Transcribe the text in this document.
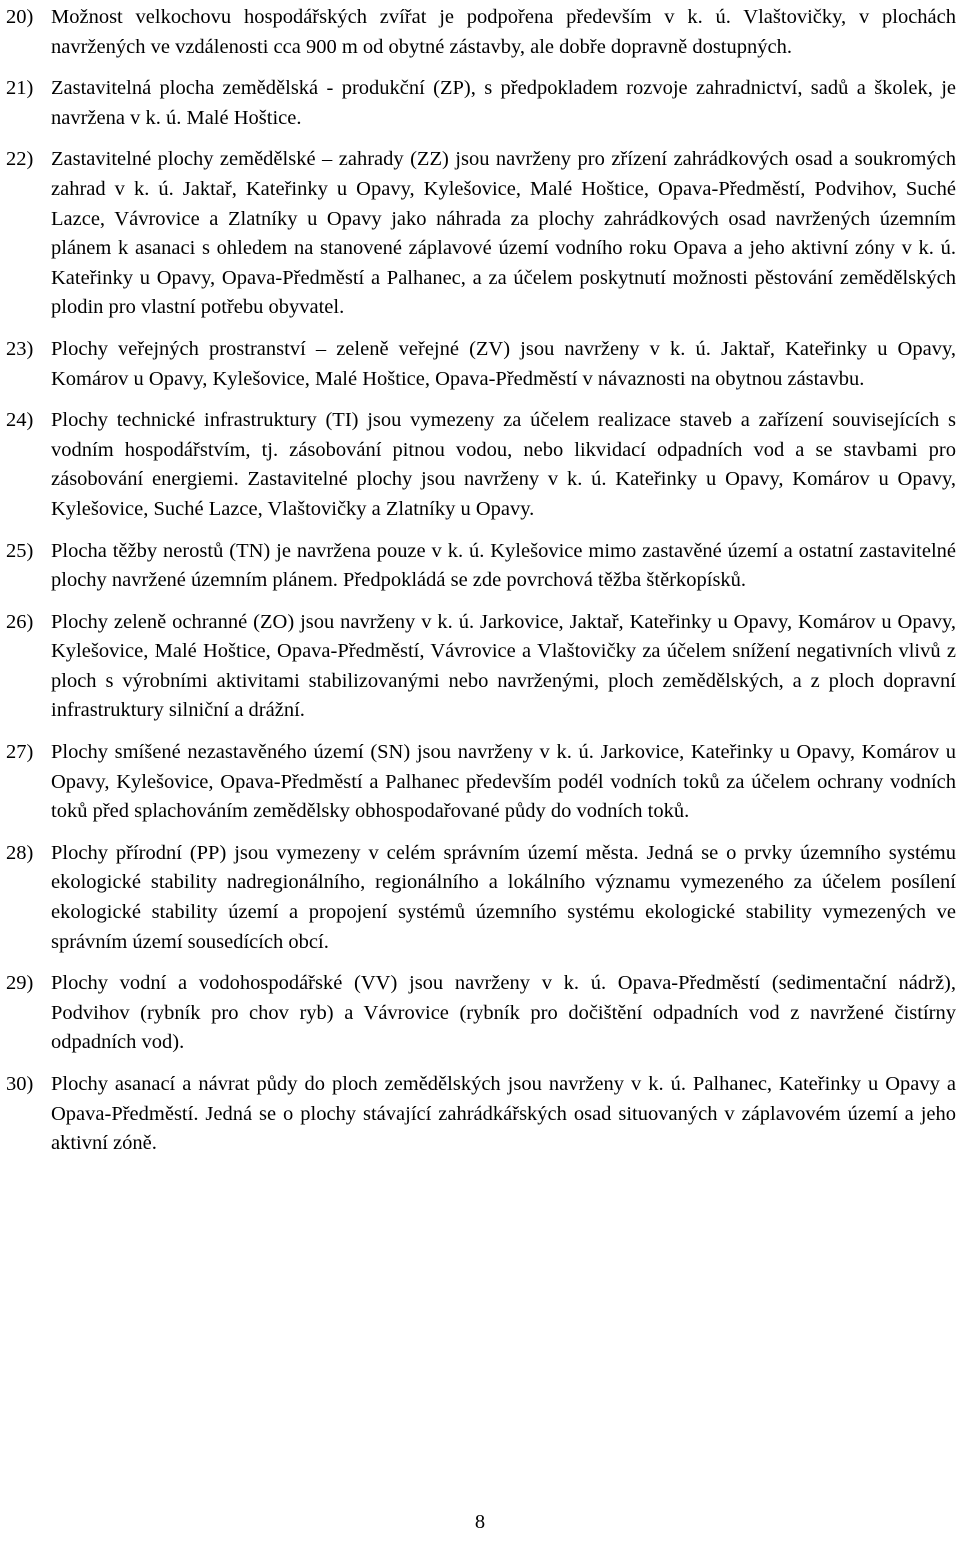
20) Možnost velkochovu hospodářských zvířat je podpořena především v k. ú. Vlaštovičky, v plochách navržených ve vzdálenosti cca 900 m od obytné zástavby, ale dobře dopravně dostupných.
21) Zastavitelná plocha zemědělská - produkční (ZP), s předpokladem rozvoje zahradnictví, sadů a školek, je navržena v k. ú. Malé Hoštice.
22) Zastavitelné plochy zemědělské – zahrady (ZZ) jsou navrženy pro zřízení zahrádkových osad a soukromých zahrad v k. ú. Jaktař, Kateřinky u Opavy, Kylešovice, Malé Hoštice, Opava-Předměstí, Podvihov, Suché Lazce, Vávrovice a Zlatníky u Opavy jako náhrada za plochy zahrádkových osad navržených územním plánem k asanaci s ohledem na stanovené záplavové území vodního roku Opava a jeho aktivní zóny v k. ú. Kateřinky u Opavy, Opava-Předměstí a Palhanec, a za účelem poskytnutí možnosti pěstování zemědělských plodin pro vlastní potřebu obyvatel.
23) Plochy veřejných prostranství – zeleně veřejné (ZV) jsou navrženy v k. ú. Jaktař, Kateřinky u Opavy, Komárov u Opavy, Kylešovice, Malé Hoštice, Opava-Předměstí v návaznosti na obytnou zástavbu.
24) Plochy technické infrastruktury (TI) jsou vymezeny za účelem realizace staveb a zařízení souvisejících s vodním hospodářstvím, tj. zásobování pitnou vodou, nebo likvidací odpadních vod a se stavbami pro zásobování energiemi. Zastavitelné plochy jsou navrženy v k. ú. Kateřinky u Opavy, Komárov u Opavy, Kylešovice, Suché Lazce, Vlaštovičky a Zlatníky u Opavy.
25) Plocha těžby nerostů (TN) je navržena pouze v k. ú. Kylešovice mimo zastavěné území a ostatní zastavitelné plochy navržené územním plánem. Předpokládá se zde povrchová těžba štěrkopísků.
26) Plochy zeleně ochranné (ZO) jsou navrženy v k. ú. Jarkovice, Jaktař, Kateřinky u Opavy, Komárov u Opavy, Kylešovice, Malé Hoštice, Opava-Předměstí, Vávrovice a Vlaštovičky za účelem snížení negativních vlivů z ploch s výrobními aktivitami stabilizovanými nebo navrženými, ploch zemědělských, a z ploch dopravní infrastruktury silniční a drážní.
27) Plochy smíšené nezastavěného území (SN) jsou navrženy v k. ú. Jarkovice, Kateřinky u Opavy, Komárov u Opavy, Kylešovice, Opava-Předměstí a Palhanec především podél vodních toků za účelem ochrany vodních toků před splachováním zemědělsky obhospodařované půdy do vodních toků.
28) Plochy přírodní (PP) jsou vymezeny v celém správním území města. Jedná se o prvky územního systému ekologické stability nadregionálního, regionálního a lokálního významu vymezeného za účelem posílení ekologické stability území a propojení systémů územního systému ekologické stability vymezených ve správním území sousedících obcí.
29) Plochy vodní a vodohospodářské (VV) jsou navrženy v k. ú. Opava-Předměstí (sedimentační nádrž), Podvihov (rybník pro chov ryb) a Vávrovice (rybník pro dočištění odpadních vod z navržené čistírny odpadních vod).
30) Plochy asanací a návrat půdy do ploch zemědělských jsou navrženy v k. ú. Palhanec, Kateřinky u Opavy a Opava-Předměstí. Jedná se o plochy stávající zahrádkářských osad situovaných v záplavovém území a jeho aktivní zóně.
8
